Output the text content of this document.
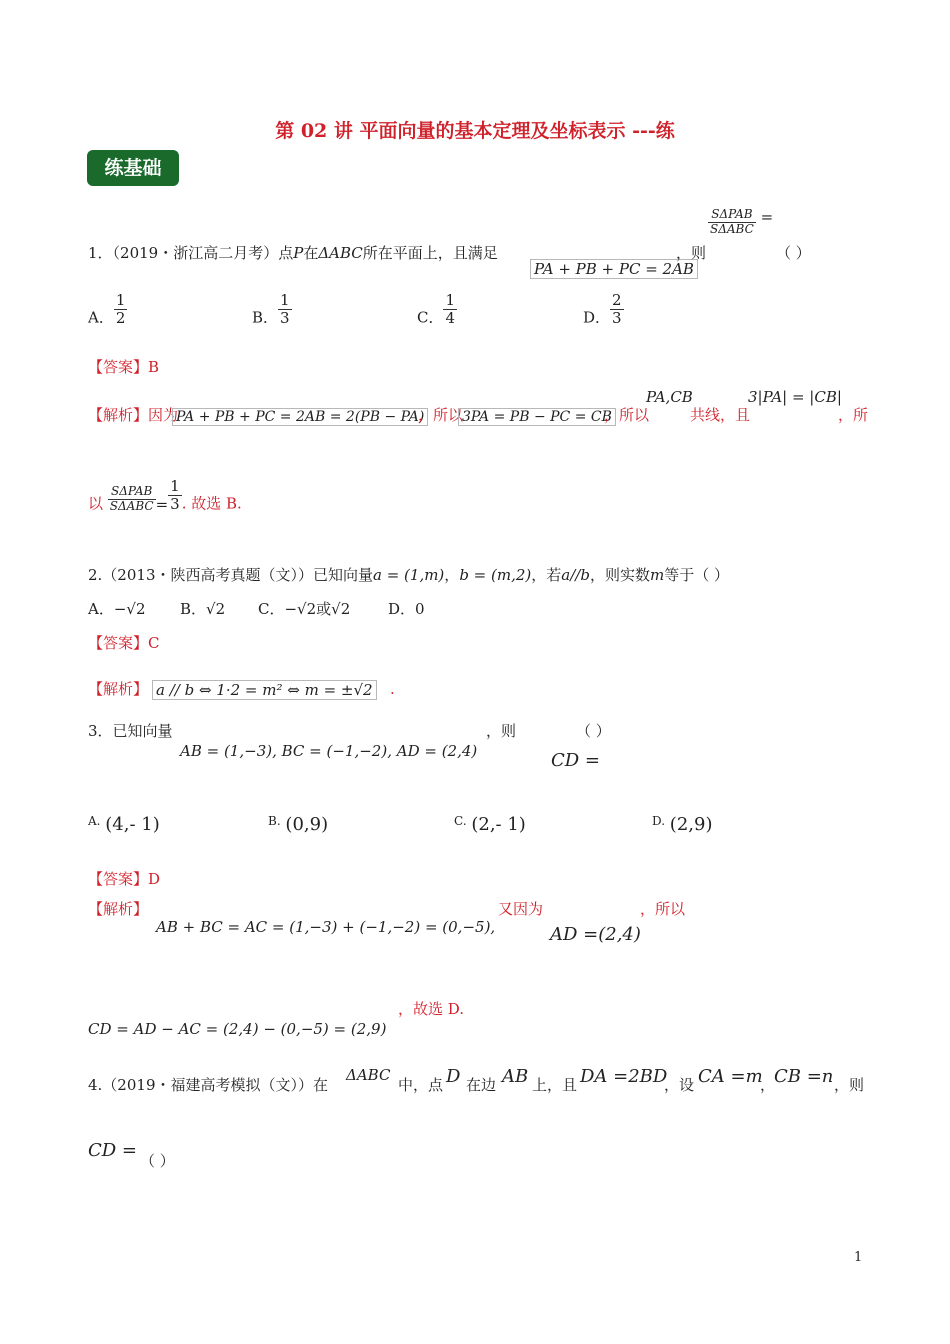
第 02 讲 平面向量的基本定理及坐标表示 ---练
练基础
1．（2019・浙江高二月考）点P在ΔABC所在平面上，且满足
PA + PB + PC = 2AB
，则
$\frac{\text{SΔPAB}}{\text{SΔABC}}$ =
（ ）
A． $\frac{1}{2}$	B． $\frac{1}{3}$	C． $\frac{1}{4}$	D． $\frac{2}{3}$
【答案】B
【解析】因为
PA + PB + PC = 2AB = 2(PB − PA)
，所以
3PA = PB − PC = CB
，所以
PA,CB
共线，且
3|PA| = |CB|
，所
以 $\frac{\text{SΔPAB}}{\text{SΔABC}} = \frac{1}{3}$ . 故选 B.
2.（2013・陕西高考真题（文））已知向量a = (1,m)，b = (m,2)，若a//b，则实数m等于（ ）
A．−√2 B．√2 C．−√2或√2	D．0
【答案】C
【解析】 a // b ⇔ 1·2 = m² ⇔ m = ±√2 .
3．已知向量
AB = (1,−3), BC = (−1,−2), AD = (2,4)
，则	（ ）
CD =
$^{A.}$ (4,- 1)	$^{B.}$ (0,9)	$^{C.}$ (2,- 1)	$^{D.}$ (2,9)
【答案】D
【解析】
AB + BC = AC = (1,−3) + (−1,−2) = (0,−5),
又因为
AD =(2,4)
，所以
CD = AD − AC = (2,4) − (0,−5) = (2,9)
，故选 D.
4.（2019・福建高考模拟（文））在
ΔABC
中，点 D 在边 AB 上，且 DA =2BD
，设 CA =m
，
CB =n ，则
CD = （ ）
1
